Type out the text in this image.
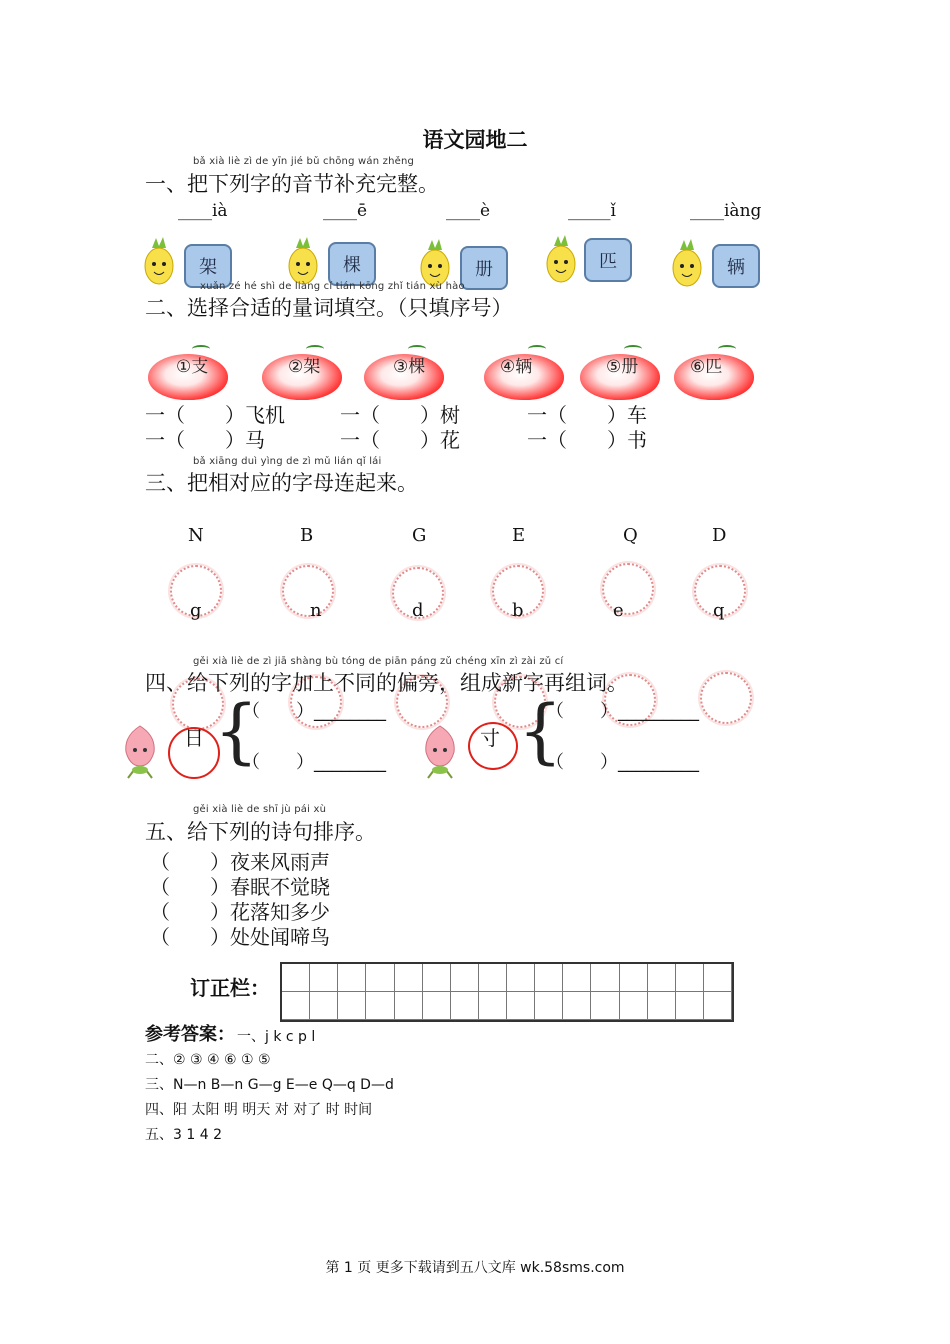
语文园地二
bǎ xià liè zì de yīn jié bǔ chōng wán zhěng
一、把下列字的音节补充完整。
____ià	____ē	____è	_____ǐ	____iàng
架	棵	册	匹	辆
xuǎn zé hé shì de liàng cí tián kōng zhǐ tián xù hào
二、选择合适的量词填空。（只填序号）
①支	②架	③棵	④辆	⑤册	⑥匹
一（　　）飞机	一（　　）树	一（　　）车
一（　　）马	一（　　）花	一（　　）书
bǎ xiāng duì yìng de zì mǔ lián qǐ lái
三、把相对应的字母连起来。
N	B	G	E	Q	D
g	n	d	b	e	q
gěi xià liè de zì jiā shàng bù tóng de piān páng zǔ chéng xīn zì zài zǔ cí
四、给下列的字加上不同的偏旁，组成新字再组词。
日 {
（　　）________
（　　）________
寸 {
（　　）_________
（　　）_________
gěi xià liè de shī jù pái xù
五、给下列的诗句排序。
（　　）夜来风雨声
（　　）春眠不觉晓
（　　）花落知多少
（　　）处处闻啼鸟
订正栏：
参考答案： 一、j k c p l
二、② ③ ④ ⑥ ① ⑤
三、N—n B—n G—g E—e Q—q D—d
四、阳 太阳 明 明天 对 对了 时 时间
五、3 1 4 2
第 1 页 更多下载请到五八文库 wk.58sms.com
